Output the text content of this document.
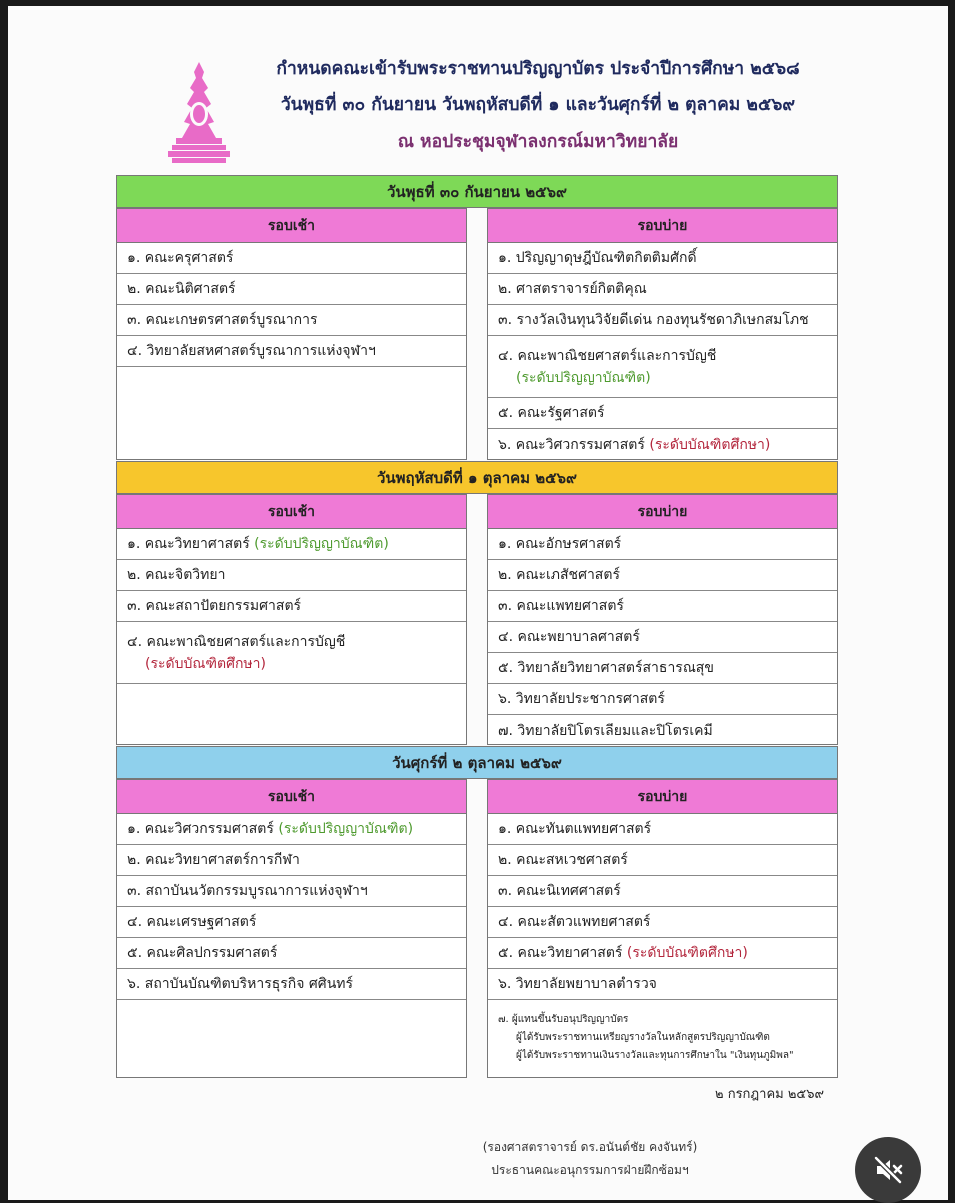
กำหนดคณะเข้ารับพระราชทานปริญญาบัตร ประจำปีการศึกษา ๒๕๖๘
วันพุธที่ ๓๐ กันยายน วันพฤหัสบดีที่ ๑ และวันศุกร์ที่ ๒ ตุลาคม ๒๕๖๙
ณ หอประชุมจุฬาลงกรณ์มหาวิทยาลัย
วันพุธที่ ๓๐ กันยายน ๒๕๖๙
รอบเช้า
๑. คณะครุศาสตร์
๒. คณะนิติศาสตร์
๓. คณะเกษตรศาสตร์บูรณาการ
๔. วิทยาลัยสหศาสตร์บูรณาการแห่งจุฬาฯ
รอบบ่าย
๑. ปริญญาดุษฎีบัณฑิตกิตติมศักดิ์
๒. ศาสตราจารย์กิตติคุณ
๓. รางวัลเงินทุนวิจัยดีเด่น กองทุนรัชดาภิเษกสมโภช
๔. คณะพาณิชยศาสตร์และการบัญชี
(ระดับปริญญาบัณฑิต)
๕. คณะรัฐศาสตร์
๖. คณะวิศวกรรมศาสตร์
(ระดับบัณฑิตศึกษา)
วันพฤหัสบดีที่ ๑ ตุลาคม ๒๕๖๙
รอบเช้า
๑. คณะวิทยาศาสตร์
(ระดับปริญญาบัณฑิต)
๒. คณะจิตวิทยา
๓. คณะสถาปัตยกรรมศาสตร์
๔. คณะพาณิชยศาสตร์และการบัญชี
(ระดับบัณฑิตศึกษา)
รอบบ่าย
๑. คณะอักษรศาสตร์
๒. คณะเภสัชศาสตร์
๓. คณะแพทยศาสตร์
๔. คณะพยาบาลศาสตร์
๕. วิทยาลัยวิทยาศาสตร์สาธารณสุข
๖. วิทยาลัยประชากรศาสตร์
๗. วิทยาลัยปิโตรเลียมและปิโตรเคมี
วันศุกร์ที่ ๒ ตุลาคม ๒๕๖๙
รอบเช้า
๑. คณะวิศวกรรมศาสตร์
(ระดับปริญญาบัณฑิต)
๒. คณะวิทยาศาสตร์การกีฬา
๓. สถาบันนวัตกรรมบูรณาการแห่งจุฬาฯ
๔. คณะเศรษฐศาสตร์
๕. คณะศิลปกรรมศาสตร์
๖. สถาบันบัณฑิตบริหารธุรกิจ ศศินทร์
รอบบ่าย
๑. คณะทันตแพทยศาสตร์
๒. คณะสหเวชศาสตร์
๓. คณะนิเทศศาสตร์
๔. คณะสัตวแพทยศาสตร์
๕. คณะวิทยาศาสตร์
(ระดับบัณฑิตศึกษา)
๖. วิทยาลัยพยาบาลตำรวจ
๗. ผู้แทนขึ้นรับอนุปริญญาบัตร
ผู้ได้รับพระราชทานเหรียญรางวัลในหลักสูตรปริญญาบัณฑิต
ผู้ได้รับพระราชทานเงินรางวัลและทุนการศึกษาใน "เงินทุนภูมิพล"
๒ กรกฎาคม ๒๕๖๙
(รองศาสตราจารย์ ดร.อนันต์ชัย คงจันทร์)
ประธานคณะอนุกรรมการฝ่ายฝึกซ้อมฯ
